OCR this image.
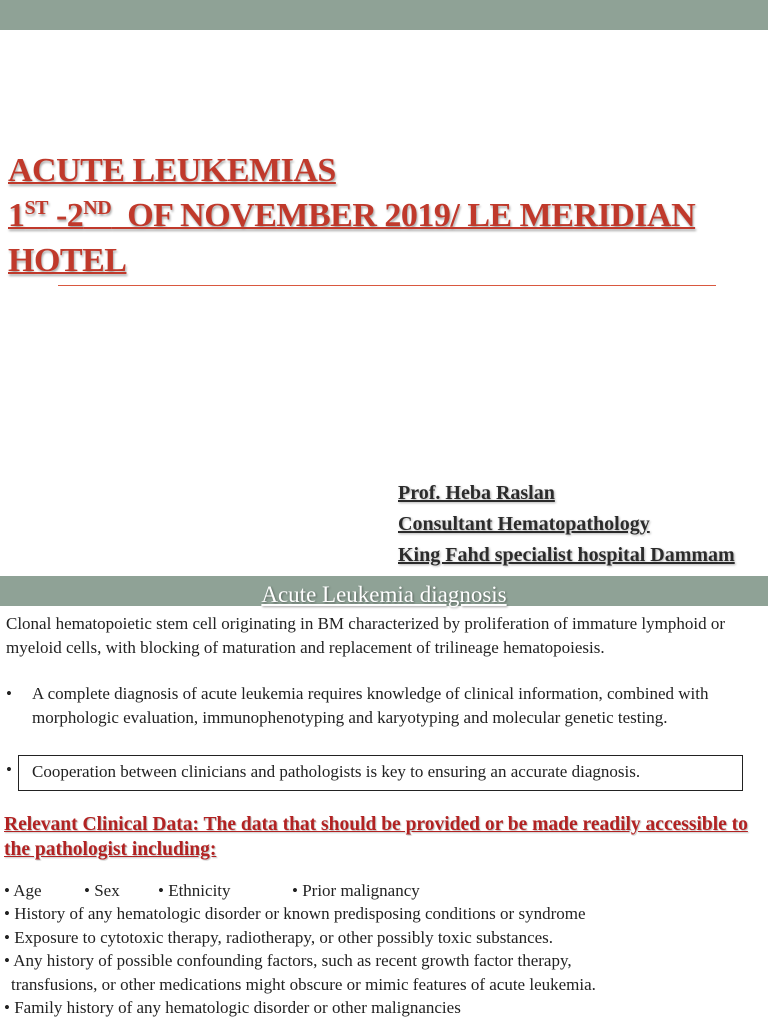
ACUTE LEUKEMIAS
1ST -2ND  OF NOVEMBER 2019/ LE MERIDIAN
HOTEL
Prof. Heba Raslan
Consultant Hematopathology
King Fahd specialist hospital Dammam
Acute Leukemia diagnosis
Clonal hematopoietic stem cell originating in BM characterized by proliferation of immature lymphoid or myeloid cells, with blocking of maturation and replacement of trilineage hematopoiesis.
• A complete diagnosis of acute leukemia requires knowledge of clinical information, combined with morphologic evaluation, immunophenotyping and karyotyping and molecular genetic testing.
• Cooperation between clinicians and pathologists is key to ensuring an accurate diagnosis.
Relevant Clinical Data: The data that should be provided or be made readily accessible to the pathologist including:
• Age • Sex • Ethnicity	• Prior malignancy
• History of any hematologic disorder or known predisposing conditions or syndrome
• Exposure to cytotoxic therapy, radiotherapy, or other possibly toxic substances.
• Any history of possible confounding factors, such as recent growth factor therapy,
transfusions, or other medications might obscure or mimic features of acute leukemia.
• Family history of any hematologic disorder or other malignancies
